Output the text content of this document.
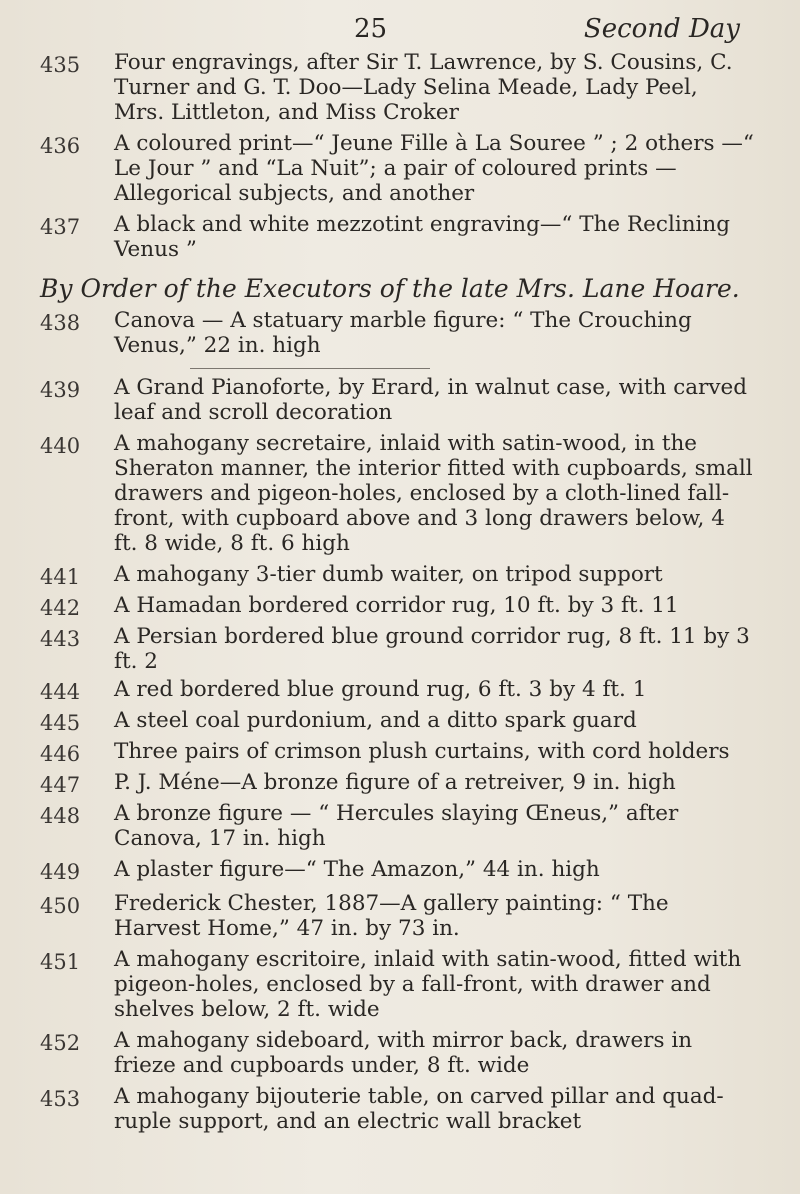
25	Second Day
435	Four engravings, after Sir T. Lawrence, by S. Cousins, C. Turner and G. T. Doo—Lady Selina Meade, Lady Peel, Mrs. Littleton, and Miss Croker
436	A coloured print—“ Jeune Fille à La Souree ” ; 2 others —“ Le Jour ” and “La Nuit”; a pair of coloured prints —Allegorical subjects, and another
437	A black and white mezzotint engraving—“ The Reclining Venus ”
By Order of the Executors of the late Mrs. Lane Hoare.
438	Canova — A statuary marble figure: “ The Crouching Venus,” 22 in. high
439	A Grand Pianoforte, by Erard, in walnut case, with carved leaf and scroll decoration
440	A mahogany secretaire, inlaid with satin-wood, in the Sheraton manner, the interior fitted with cupboards, small drawers and pigeon-holes, enclosed by a cloth-lined fall-front, with cupboard above and 3 long drawers below, 4 ft. 8 wide, 8 ft. 6 high
441	A mahogany 3-tier dumb waiter, on tripod support
442	A Hamadan bordered corridor rug, 10 ft. by 3 ft. 11
443	A Persian bordered blue ground corridor rug, 8 ft. 11 by 3 ft. 2
444	A red bordered blue ground rug, 6 ft. 3 by 4 ft. 1
445	A steel coal purdonium, and a ditto spark guard
446	Three pairs of crimson plush curtains, with cord holders
447	P. J. Méne—A bronze figure of a retreiver, 9 in. high
448	A bronze figure — “ Hercules slaying Œneus,” after Canova, 17 in. high
449	A plaster figure—“ The Amazon,” 44 in. high
450	Frederick Chester, 1887—A gallery painting: “ The Harvest Home,” 47 in. by 73 in.
451	A mahogany escritoire, inlaid with satin-wood, fitted with pigeon-holes, enclosed by a fall-front, with drawer and shelves below, 2 ft. wide
452	A mahogany sideboard, with mirror back, drawers in frieze and cupboards under, 8 ft. wide
453	A mahogany bijouterie table, on carved pillar and quad-ruple support, and an electric wall bracket
